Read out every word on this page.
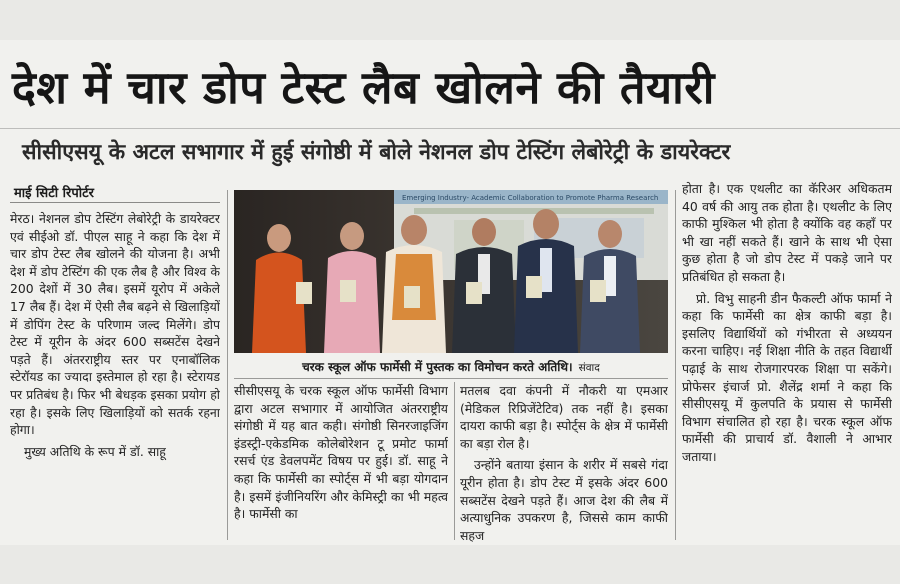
देश में चार डोप टेस्ट लैब खोलने की तैयारी
सीसीएसयू के अटल सभागार में हुई संगोष्ठी में बोले नेशनल डोप टेस्टिंग लेबोरेट्री के डायरेक्टर
माई सिटी रिपोर्टर

मेरठ। नेशनल डोप टेस्टिंग लेबोरेट्री के डायरेक्टर एवं सीईओ डॉ. पीएल साहू ने कहा कि देश में चार डोप टेस्ट लैब खोलने की योजना है। अभी देश में डोप टेस्टिंग की एक लैब है और विश्व के 200 देशों में 30 लैब। इसमें यूरोप में अकेले 17 लैब हैं। देश में ऐसी लैब बढ़ने से खिलाड़ियों में डोपिंग टेस्ट के परिणाम जल्द मिलेंगे। डोप टेस्ट में यूरीन के अंदर 600 सब्सटेंस देखने पड़ते हैं। अंतरराष्ट्रीय स्तर पर एनाबॉलिक स्टेरॉयड का ज्यादा इस्तेमाल हो रहा है। स्टेरायड पर प्रतिबंध है। फिर भी बेधड़क इसका प्रयोग हो रहा है। इसके लिए खिलाड़ियों को सतर्क रहना होगा।

मुख्य अतिथि के रूप में डॉ. साहू

Emerging Industry- Academic Collaboration to Promote Pharma Research
चरक स्कूल ऑफ फार्मेसी में पुस्तक का विमोचन करते अतिथि। संवाद

सीसीएसयू के चरक स्कूल ऑफ फार्मेसी विभाग द्वारा अटल सभागार में आयोजित अंतरराष्ट्रीय संगोष्ठी में यह बात कही। संगोष्ठी सिनरजाइजिंग इंडस्ट्री-एकेडमिक कोलेबोरेशन टू प्रमोट फार्मा रसर्च एंड डेवलपमेंट विषय पर हुई। डॉ. साहू ने कहा कि फार्मेसी का स्पोर्ट्स में भी बड़ा योगदान है। इसमें इंजीनियरिंग और केमिस्ट्री का भी महत्व है। फार्मेसी का

मतलब दवा कंपनी में नौकरी या एमआर (मेडिकल रिप्रिजेंटेटिव) तक नहीं है। इसका दायरा काफी बड़ा है। स्पोर्ट्स के क्षेत्र में फार्मेसी का बड़ा रोल है।

उन्होंने बताया इंसान के शरीर में सबसे गंदा यूरीन होता है। डोप टेस्ट में इसके अंदर 600 सब्सटेंस देखने पड़ते हैं। आज देश की लैब में अत्याधुनिक उपकरण है, जिससे काम काफी सहज

होता है। एक एथलीट का कॅरिअर अधिकतम 40 वर्ष की आयु तक होता है। एथलीट के लिए काफी मुश्किल भी होता है क्योंकि वह कहाँ पर भी खा नहीं सकते हैं। खाने के साथ भी ऐसा कुछ होता है जो डोप टेस्ट में पकड़े जाने पर प्रतिबंधित हो सकता है।

प्रो. विभु साहनी डीन फैकल्टी ऑफ फार्मा ने कहा कि फार्मेसी का क्षेत्र काफी बड़ा है। इसलिए विद्यार्थियों को गंभीरता से अध्ययन करना चाहिए। नई शिक्षा नीति के तहत विद्यार्थी पढ़ाई के साथ रोजगारपरक शिक्षा पा सकेंगे। प्रोफेसर इंचार्ज प्रो. शैलेंद्र शर्मा ने कहा कि सीसीएसयू में कुलपति के प्रयास से फार्मेसी विभाग संचालित हो रहा है। चरक स्कूल ऑफ फार्मेसी की प्राचार्य डॉ. वैशाली ने आभार जताया।
